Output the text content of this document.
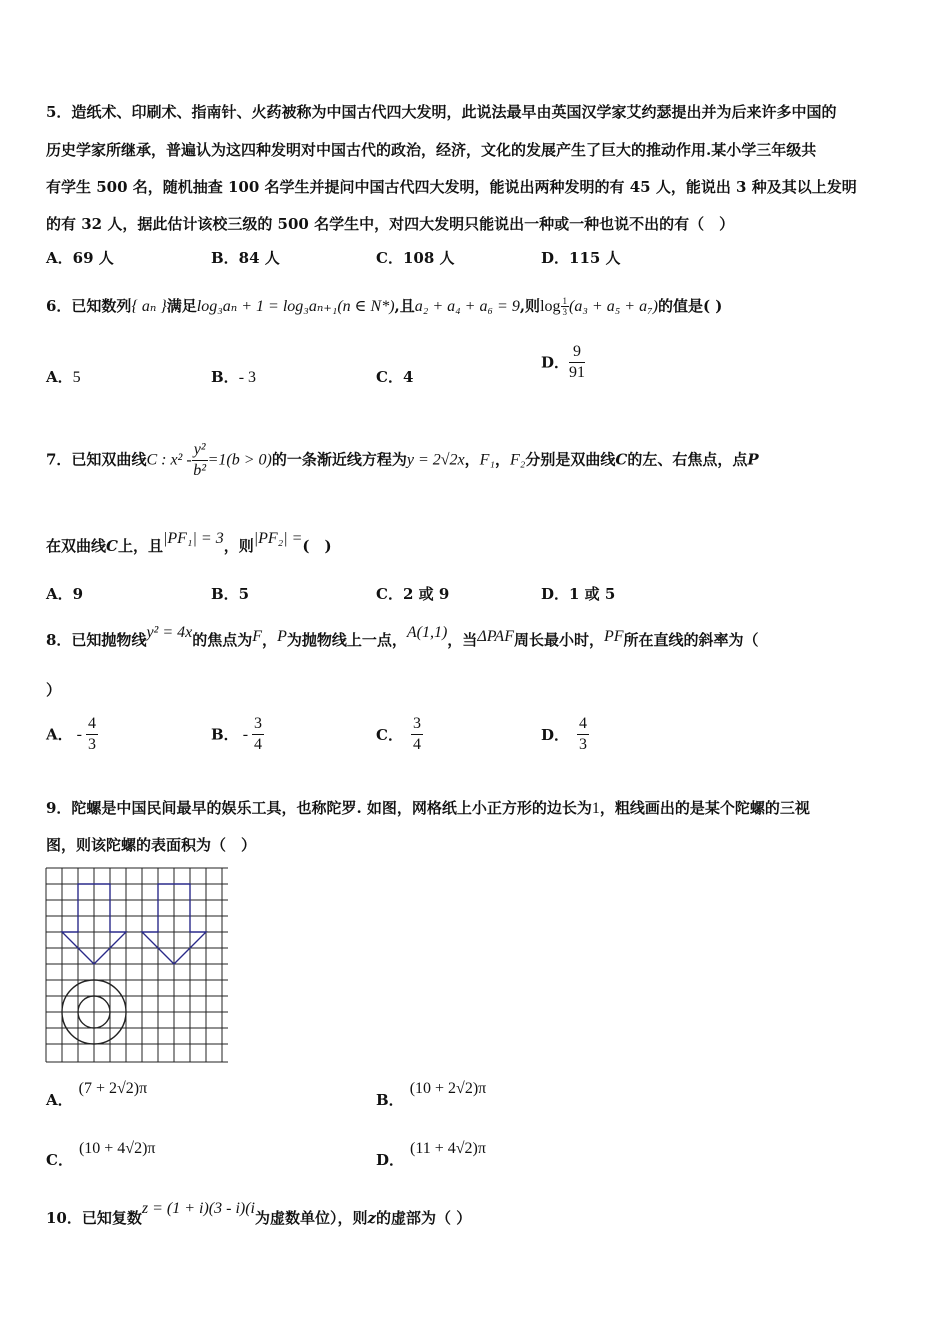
5．造纸术、印刷术、指南针、火药被称为中国古代四大发明，此说法最早由英国汉学家艾约瑟提出并为后来许多中国的
历史学家所继承，普遍认为这四种发明对中国古代的政治，经济，文化的发展产生了巨大的推动作用.某小学三年级共
有学生 500 名，随机抽查 100 名学生并提问中国古代四大发明，能说出两种发明的有 45 人，能说出 3 种及其以上发明
的有 32 人，据此估计该校三级的 500 名学生中，对四大发明只能说出一种或一种也说不出的有（　）
A．69 人	B．84 人	C．108 人	D．115 人
6．已知数列{ aₙ }满足log₃aₙ + 1 = log₃aₙ₊₁(n ∈ N*),且a₂ + a₄ + a₆ = 9,则$\log \frac{1}{3} (a_3 + a_5 + a_7)$的值是( )
A．5	B．- 3	C．4
D． $\frac{9}{91}$
7．已知双曲线C : $x^2 - \frac{\text{y²}}{\text{b²}} =1(b > 0)$的一条渐近线方程为y = 2√2x，F₁，F₂分别是双曲线C的左、右焦点，点P
在双曲线C上，且|PF₁| = 3，则|PF₂| =(　)
A．9	B．5	C．2 或 9	D．1 或 5
8．已知抛物线y² = 4x的焦点为F，P为抛物线上一点，A(1,1)，当ΔPAF周长最小时，PF所在直线的斜率为（
）
A． - $\frac{4}{3}$	B． - $\frac{3}{4}$	C． $\frac{3}{4}$	D． $\frac{4}{3}$
9．陀螺是中国民间最早的娱乐工具，也称陀罗. 如图，网格纸上小正方形的边长为1，粗线画出的是某个陀螺的三视
图，则该陀螺的表面积为（　）
A．(7 + 2√2)π
B．(10 + 2√2)π
C．(10 + 4√2)π
D．(11 + 4√2)π
10．已知复数z = (1 + i)(3 - i)(i为虚数单位），则z的虚部为（ ）
